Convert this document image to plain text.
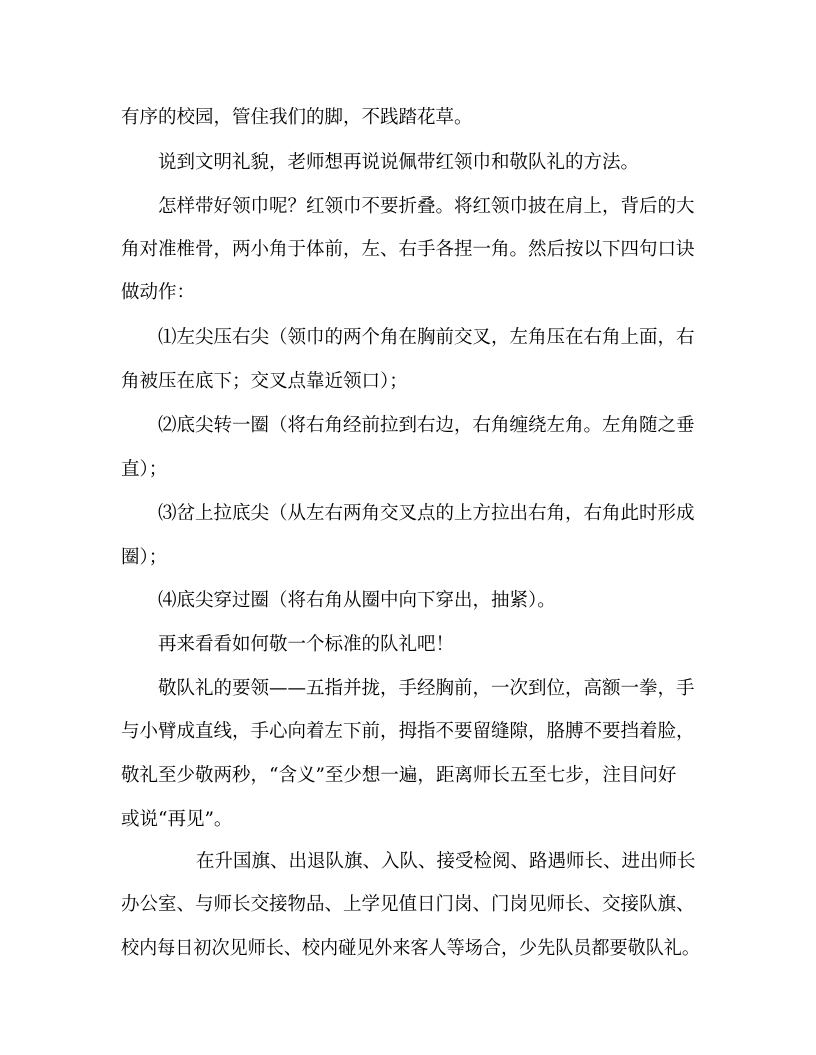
有序的校园，管住我们的脚，不践踏花草。
说到文明礼貌，老师想再说说佩带红领巾和敬队礼的方法。
怎样带好领巾呢？红领巾不要折叠。将红领巾披在肩上，背后的大
角对准椎骨，两小角于体前，左、右手各捏一角。然后按以下四句口诀
做动作：
⑴左尖压右尖（领巾的两个角在胸前交叉，左角压在右角上面，右
角被压在底下；交叉点靠近领口）；
⑵底尖转一圈（将右角经前拉到右边，右角缠绕左角。左角随之垂
直）；
⑶岔上拉底尖（从左右两角交叉点的上方拉出右角，右角此时形成
圈）；
⑷底尖穿过圈（将右角从圈中向下穿出，抽紧）。
再来看看如何敬一个标准的队礼吧！
敬队礼的要领——五指并拢，手经胸前，一次到位，高额一拳，手
与小臂成直线，手心向着左下前，拇指不要留缝隙，胳膊不要挡着脸，
敬礼至少敬两秒，“含义”至少想一遍，距离师长五至七步，注目问好
或说“再见”。
在升国旗、出退队旗、入队、接受检阅、路遇师长、进出师长
办公室、与师长交接物品、上学见值日门岗、门岗见师长、交接队旗、
校内每日初次见师长、校内碰见外来客人等场合，少先队员都要敬队礼。
